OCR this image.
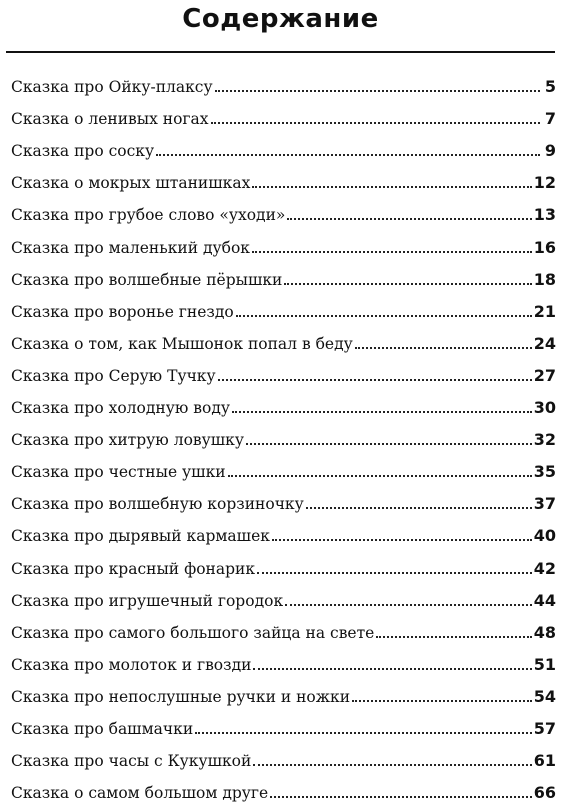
Содержание
Сказка про Ойку-плаксу	5
Сказка о ленивых ногах	7
Сказка про соску	9
Сказка о мокрых штанишках	12
Сказка про грубое слово «уходи»	13
Сказка про маленький дубок	16
Сказка про волшебные пёрышки	18
Сказка про воронье гнездо	21
Сказка о том, как Мышонок попал в беду	24
Сказка про Серую Тучку	27
Сказка про холодную воду	30
Сказка про хитрую ловушку	32
Сказка про честные ушки	35
Сказка про волшебную корзиночку	37
Сказка про дырявый кармашек	40
Сказка про красный фонарик	42
Сказка про игрушечный городок	44
Сказка про самого большого зайца на свете	48
Сказка про молоток и гвозди	51
Сказка про непослушные ручки и ножки	54
Сказка про башмачки	57
Сказка про часы с Кукушкой	61
Сказка о самом большом друге	66
